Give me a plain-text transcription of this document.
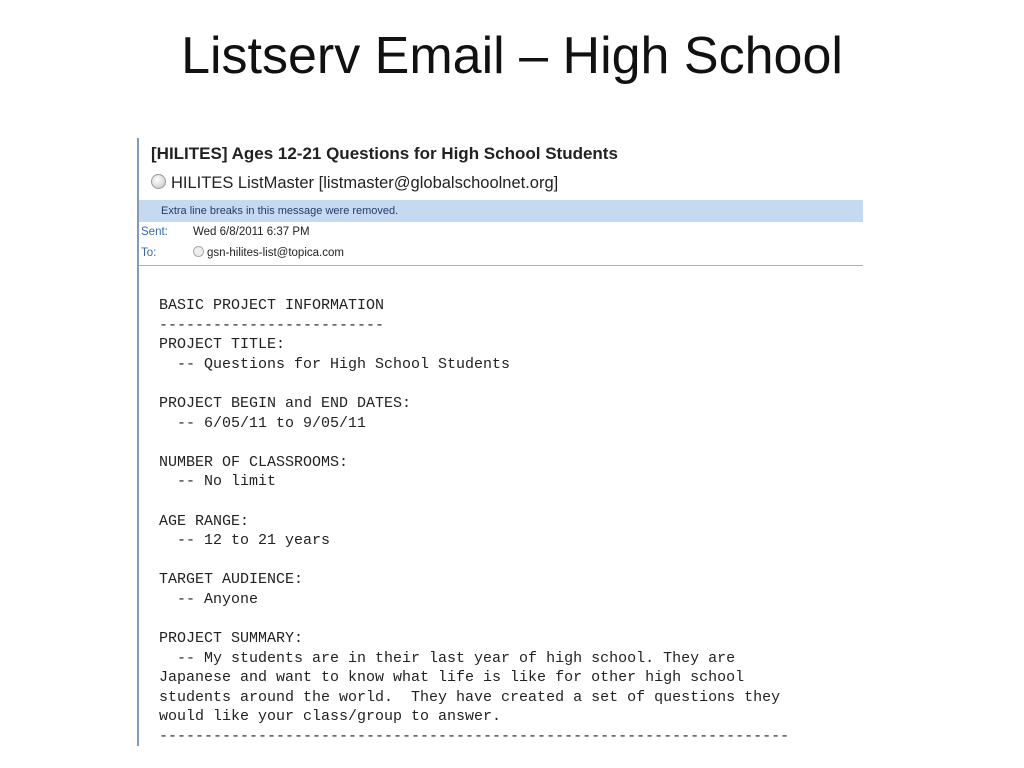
Listserv Email – High School
[HILITES] Ages 12-21 Questions for High School Students
HILITES ListMaster [listmaster@globalschoolnet.org]
Extra line breaks in this message were removed.
Sent: Wed 6/8/2011 6:37 PM
To:	gsn-hilites-list@topica.com
BASIC PROJECT INFORMATION
-------------------------
PROJECT TITLE:
-- Questions for High School Students

PROJECT BEGIN and END DATES:
-- 6/05/11 to 9/05/11

NUMBER OF CLASSROOMS:
-- No limit

AGE RANGE:
-- 12 to 21 years

TARGET AUDIENCE:
-- Anyone

PROJECT SUMMARY:
-- My students are in their last year of high school. They are
Japanese and want to know what life is like for other high school
students around the world.  They have created a set of questions they
would like your class/group to answer.
----------------------------------------------------------------------
